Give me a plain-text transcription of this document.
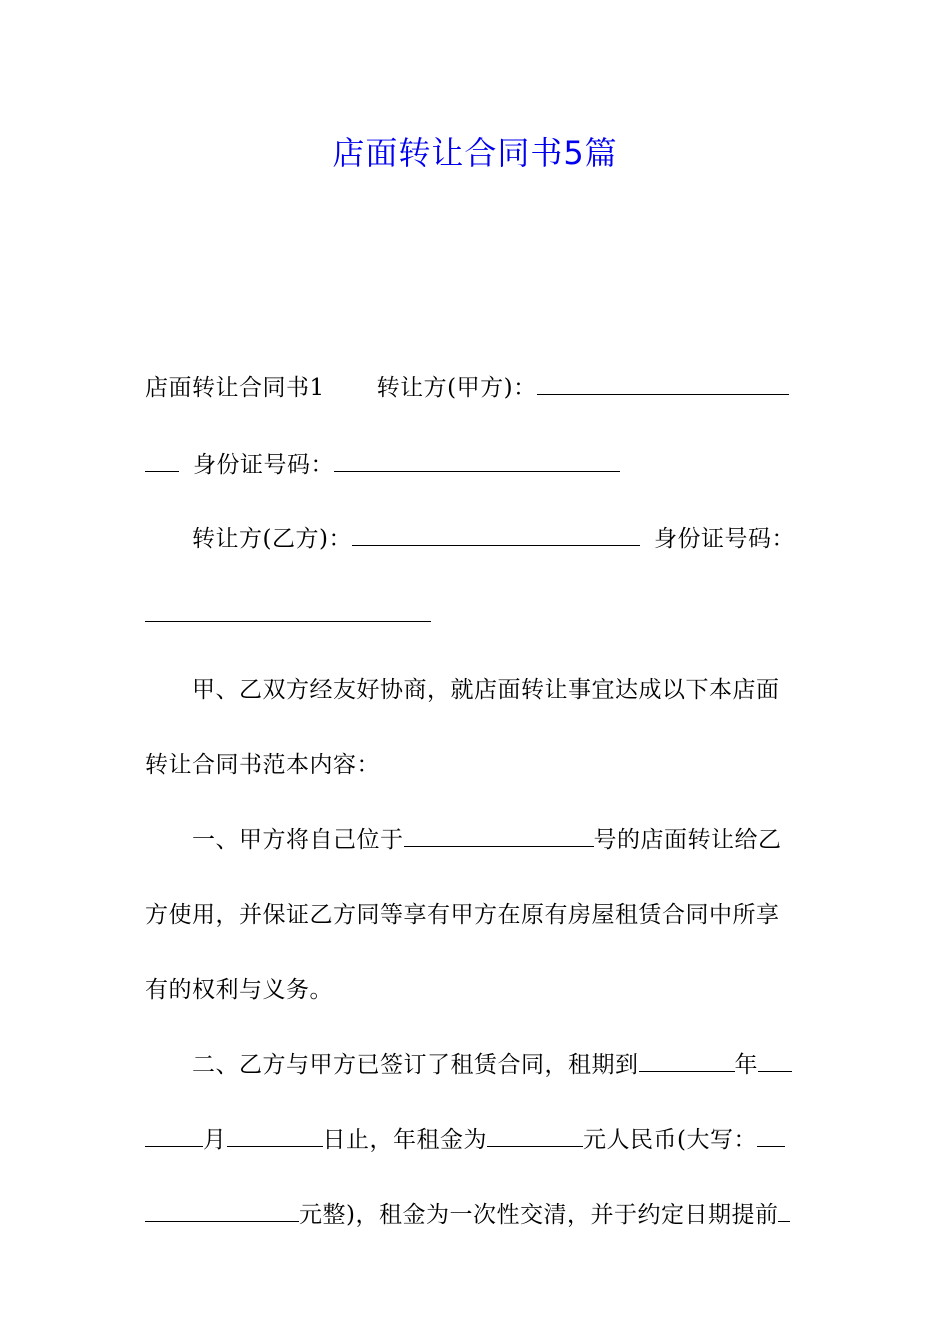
店面转让合同书5篇

店面转让合同书1 转让方(甲方)：

身份证号码：

转让方(乙方)：	身份证号码：

甲、乙双方经友好协商，就店面转让事宜达成以下本店面

转让合同书范本内容：

一、甲方将自己位于	号的店面转让给乙

方使用，并保证乙方同等享有甲方在原有房屋租赁合同中所享

有的权利与义务。

二、乙方与甲方已签订了租赁合同，租期到	年

月	日止，年租金为	元人民币(大写：

元整)，租金为一次性交清，并于约定日期提前
